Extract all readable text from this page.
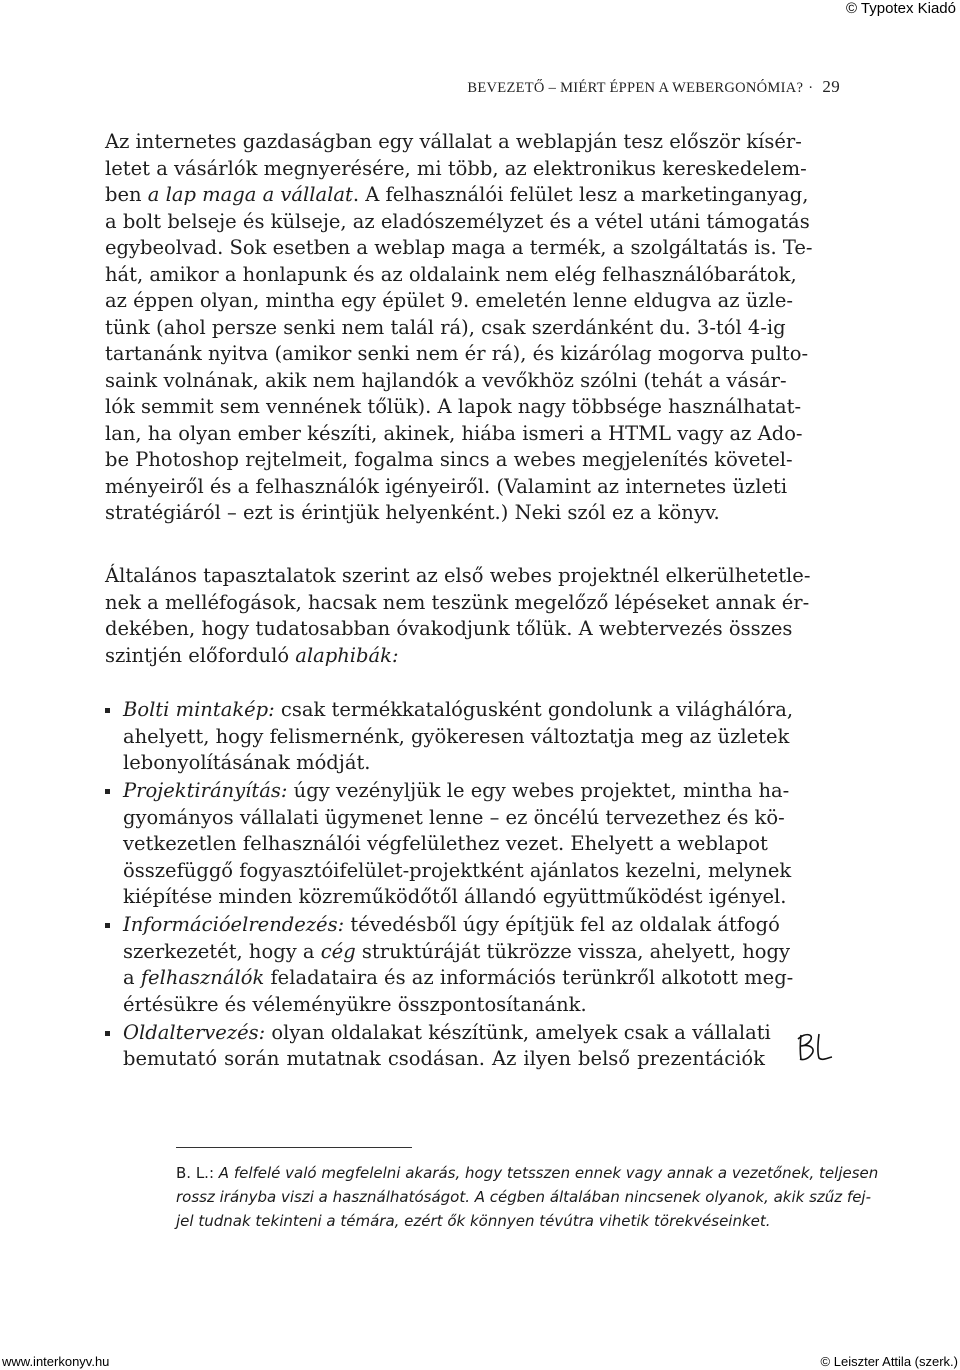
© Typotex Kiadó
BEVEZETŐ – MIÉRT ÉPPEN A WEBERGONÓMIA? · 29
Az internetes gazdaságban egy vállalat a weblapján tesz először kísér-
letet a vásárlók megnyerésére, mi több, az elektronikus kereskedelem-
ben a lap maga a vállalat. A felhasználói felület lesz a marketinganyag,
a bolt belseje és külseje, az eladószemélyzet és a vétel utáni támogatás
egybeolvad. Sok esetben a weblap maga a termék, a szolgáltatás is. Te-
hát, amikor a honlapunk és az oldalaink nem elég felhasználóbarátok,
az éppen olyan, mintha egy épület 9. emeletén lenne eldugva az üzle-
tünk (ahol persze senki nem talál rá), csak szerdánként du. 3-tól 4-ig
tartanánk nyitva (amikor senki nem ér rá), és kizárólag mogorva pulto-
saink volnának, akik nem hajlandók a vevőkhöz szólni (tehát a vásár-
lók semmit sem vennének tőlük). A lapok nagy többsége használhatat-
lan, ha olyan ember készíti, akinek, hiába ismeri a HTML vagy az Ado-
be Photoshop rejtelmeit, fogalma sincs a webes megjelenítés követel-
ményeiről és a felhasználók igényeiről. (Valamint az internetes üzleti
stratégiáról – ezt is érintjük helyenként.) Neki szól ez a könyv.
Általános tapasztalatok szerint az első webes projektnél elkerülhetetle-
nek a melléfogások, hacsak nem teszünk megelőző lépéseket annak ér-
dekében, hogy tudatosabban óvakodjunk tőlük. A webtervezés összes
szintjén előforduló alaphibák:
Bolti mintakép: csak termékkatalógusként gondolunk a világhálóra,
ahelyett, hogy felismernénk, gyökeresen változtatja meg az üzletek
lebonyolításának módját.
Projektirányítás: úgy vezényljük le egy webes projektet, mintha ha-
gyományos vállalati ügymenet lenne – ez öncélú tervezethez és kö-
vetkezetlen felhasználói végfelülethez vezet. Ehelyett a weblapot
összefüggő fogyasztóifelület-projektként ajánlatos kezelni, melynek
kiépítése minden közreműködőtől állandó együttműködést igényel.
Információelrendezés: tévedésből úgy építjük fel az oldalak átfogó
szerkezetét, hogy a cég struktúráját tükrözze vissza, ahelyett, hogy
a felhasználók feladataira és az információs terünkről alkotott meg-
értésükre és véleményükre összpontosítanánk.
Oldaltervezés: olyan oldalakat készítünk, amelyek csak a vállalati
bemutató során mutatnak csodásan. Az ilyen belső prezentációk
B. L.: A felfelé való megfelelni akarás, hogy tetsszen ennek vagy annak a vezetőnek, teljesen
rossz irányba viszi a használhatóságot. A cégben általában nincsenek olyanok, akik szűz fej-
jel tudnak tekinteni a témára, ezért ők könnyen tévútra vihetik törekvéseinket.
www.interkonyv.hu	© Leiszter Attila (szerk.)
